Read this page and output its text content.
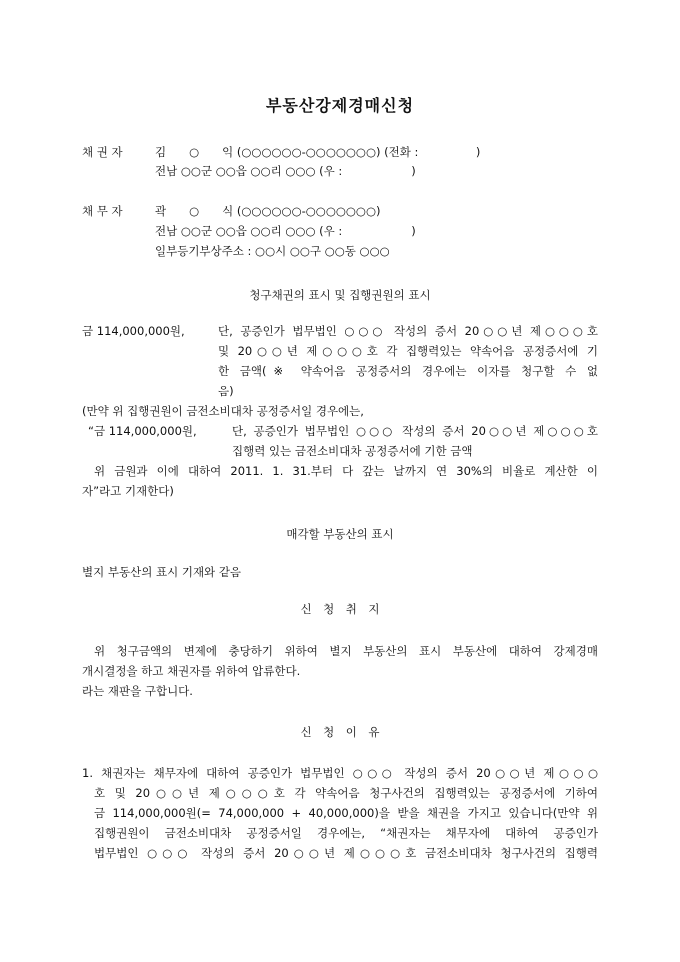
부동산강제경매신청
채 권 자	김　　○　　익 (○○○○○○-○○○○○○○) (전화 :　　　　　)
전남 ○○군 ○○읍 ○○리 ○○○ (우 :　　　　　　)
채 무 자	곽　　○　　식 (○○○○○○-○○○○○○○)
전남 ○○군 ○○읍 ○○리 ○○○ (우 :　　　　　　)
일부등기부상주소 : ○○시 ○○구 ○○동 ○○○
청구채권의 표시 및 집행권원의 표시
금 114,000,000원,	단, 공증인가 법무법인 ○○○ 작성의 증서 20○○년 제○○○호
및 20○○년 제○○○호 각 집행력있는 약속어음 공정증서에 기
한 금액(※ 약속어음 공정증서의 경우에는 이자를 청구할 수 없
음)
(만약 위 집행권원이 금전소비대차 공정증서일 경우에는,
“금 114,000,000원,	단, 공증인가 법무법인 ○○○ 작성의 증서 20○○년 제○○○호
집행력 있는 금전소비대차 공정증서에 기한 금액
위 금원과 이에 대하여 2011. 1. 31.부터 다 갚는 날까지 연 30%의 비율로 계산한 이
자”라고 기재한다)
매각할 부동산의 표시
별지 부동산의 표시 기재와 같음
신　청　취　지
위 청구금액의 변제에 충당하기 위하여 별지 부동산의 표시 부동산에 대하여 강제경매
개시결정을 하고 채권자를 위하여 압류한다.
라는 재판을 구합니다.
신　청　이　유
1. 채권자는 채무자에 대하여 공증인가 법무법인 ○○○ 작성의 증서 20○○년 제○○○
호 및 20○○년 제○○○호 각 약속어음 청구사건의 집행력있는 공정증서에 기하여
금 114,000,000원(= 74,000,000 + 40,000,000)을 받을 채권을 가지고 있습니다(만약 위
집행권원이 금전소비대차 공정증서일 경우에는, “채권자는 채무자에 대하여 공증인가
법무법인 ○○○ 작성의 증서 20○○년 제○○○호 금전소비대차 청구사건의 집행력
